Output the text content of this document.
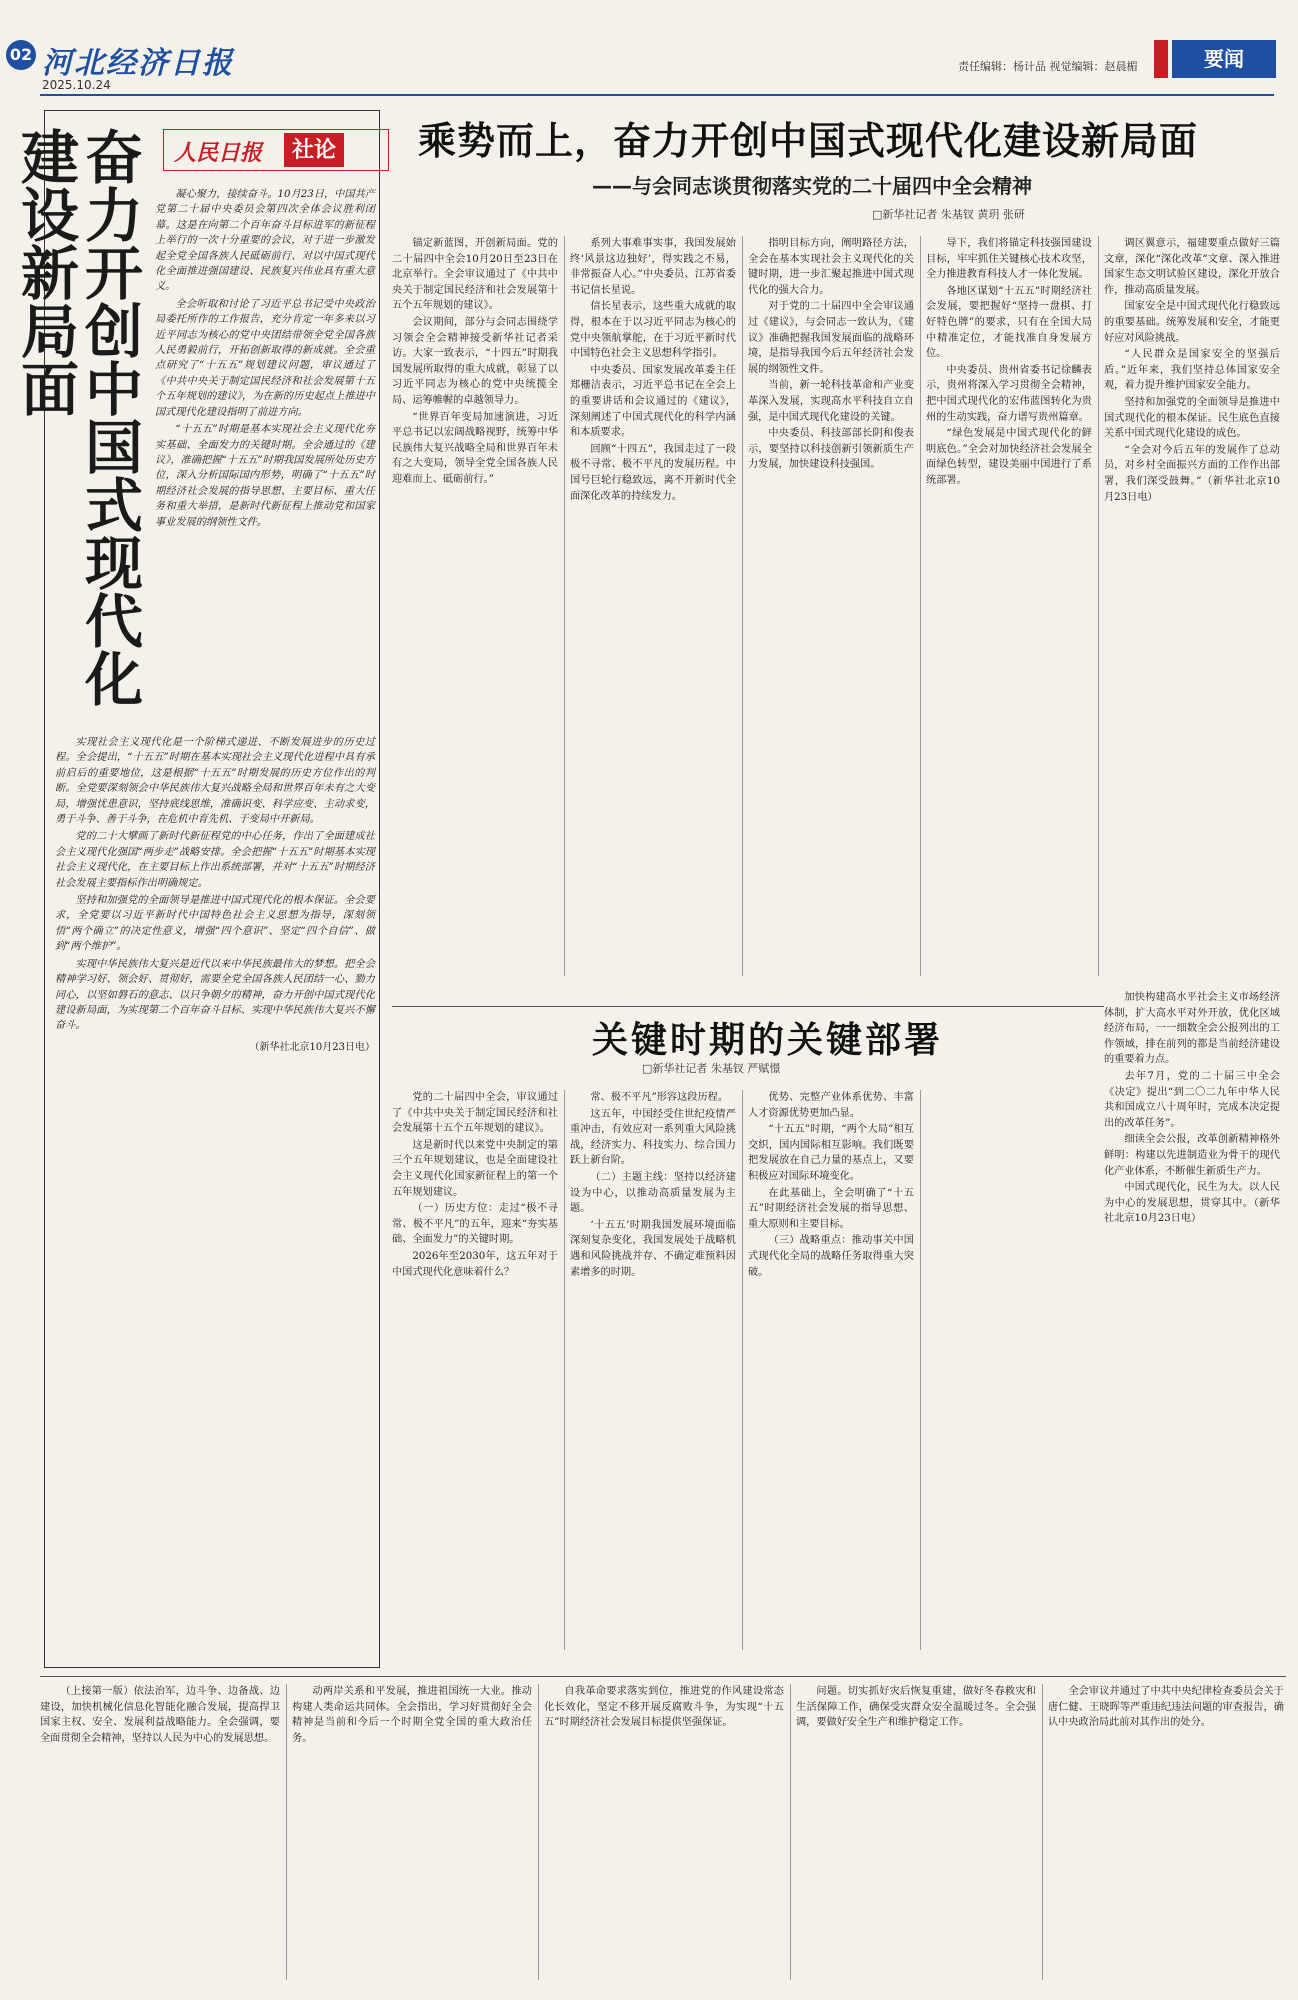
02 河北经济日报
2025.10.24
责任编辑：杨计品 视觉编辑：赵晨楣	要闻
人民日报	社论
奋力开创中国式现代化建设新局面	凝心聚力，接续奋斗。10月23日，中国共产党第二十届中央委员会第四次全体会议胜利闭幕。这是在向第二个百年奋斗目标进军的新征程上举行的一次十分重要的会议，对于进一步激发起全党全国各族人民砥砺前行、对以中国式现代化全面推进强国建设、民族复兴伟业具有重大意义。

全会听取和讨论了习近平总书记受中央政治局委托所作的工作报告，充分肯定一年多来以习近平同志为核心的党中央团结带领全党全国各族人民勇毅前行，开拓创新取得的新成就。全会重点研究了“十五五”规划建议问题，审议通过了《中共中央关于制定国民经济和社会发展第十五个五年规划的建议》，为在新的历史起点上推进中国式现代化建设指明了前进方向。

“十五五”时期是基本实现社会主义现代化夯实基础、全面发力的关键时期。全会通过的《建议》，准确把握“十五五”时期我国发展所处历史方位，深入分析国际国内形势，明确了“十五五”时期经济社会发展的指导思想、主要目标、重大任务和重大举措，是新时代新征程上推动党和国家事业发展的纲领性文件。

实现社会主义现代化是一个阶梯式递进、不断发展进步的历史过程。全会提出，“十五五”时期在基本实现社会主义现代化进程中具有承前启后的重要地位，这是根据“十五五”时期发展的历史方位作出的判断。全党要深刻领会中华民族伟大复兴战略全局和世界百年未有之大变局，增强忧患意识，坚持底线思维，准确识变、科学应变、主动求变，勇于斗争、善于斗争，在危机中育先机、于变局中开新局。

党的二十大擘画了新时代新征程党的中心任务，作出了全面建成社会主义现代化强国“两步走”战略安排。全会把握“十五五”时期基本实现社会主义现代化，在主要目标上作出系统部署，并对“十五五”时期经济社会发展主要指标作出明确规定。

坚持和加强党的全面领导是推进中国式现代化的根本保证。全会要求，全党要以习近平新时代中国特色社会主义思想为指导，深刻领悟“两个确立”的决定性意义，增强“四个意识”、坚定“四个自信”、做到“两个维护”。

实现中华民族伟大复兴是近代以来中华民族最伟大的梦想。把全会精神学习好、领会好、贯彻好，需要全党全国各族人民团结一心、勠力同心，以坚如磐石的意志、以只争朝夕的精神，奋力开创中国式现代化建设新局面，为实现第二个百年奋斗目标、实现中华民族伟大复兴不懈奋斗。

（新华社北京10月23日电）

乘势而上，奋力开创中国式现代化建设新局面
——与会同志谈贯彻落实党的二十届四中全会精神
□新华社记者 朱基钗 黄玥 张研

锚定新蓝图，开创新局面。党的二十届四中全会10月20日至23日在北京举行。全会审议通过了《中共中央关于制定国民经济和社会发展第十五个五年规划的建议》。

会议期间，部分与会同志围绕学习领会全会精神接受新华社记者采访。大家一致表示，“十四五”时期我国发展所取得的重大成就，彰显了以习近平同志为核心的党中央统揽全局、运筹帷幄的卓越领导力。

“世界百年变局加速演进，习近平总书记以宏阔战略视野，统筹中华民族伟大复兴战略全局和世界百年未有之大变局，领导全党全国各族人民迎难而上、砥砺前行。”

系列大事难事实事，我国发展始终‘风景这边独好’，得实践之不易，非常振奋人心。”中央委员、江苏省委书记信长星说。

信长星表示，这些重大成就的取得，根本在于以习近平同志为核心的党中央领航掌舵，在于习近平新时代中国特色社会主义思想科学指引。

中央委员、国家发展改革委主任郑栅洁表示，习近平总书记在全会上的重要讲话和会议通过的《建议》，深刻阐述了中国式现代化的科学内涵和本质要求。

回顾“十四五”，我国走过了一段极不寻常、极不平凡的发展历程。中国号巨轮行稳致远，离不开新时代全面深化改革的持续发力。

指明目标方向，阐明路径方法，全会在基本实现社会主义现代化的关键时期，进一步汇聚起推进中国式现代化的强大合力。

对于党的二十届四中全会审议通过《建议》，与会同志一致认为，《建议》准确把握我国发展面临的战略环境，是指导我国今后五年经济社会发展的纲领性文件。

当前，新一轮科技革命和产业变革深入发展，实现高水平科技自立自强，是中国式现代化建设的关键。

中央委员、科技部部长阴和俊表示，要坚持以科技创新引领新质生产力发展，加快建设科技强国。

导下，我们将锚定科技强国建设目标，牢牢抓住关键核心技术攻坚，全力推进教育科技人才一体化发展。

各地区谋划“十五五”时期经济社会发展，要把握好“坚持一盘棋、打好特色牌”的要求，只有在全国大局中精准定位，才能找准自身发展方位。

中央委员、贵州省委书记徐麟表示，贵州将深入学习贯彻全会精神，把中国式现代化的宏伟蓝图转化为贵州的生动实践，奋力谱写贵州篇章。

“绿色发展是中国式现代化的鲜明底色。”全会对加快经济社会发展全面绿色转型，建设美丽中国进行了系统部署。

调区翼意示，福建要重点做好三篇文章，深化“深化改革”文章、深入推进国家生态文明试验区建设，深化开放合作，推动高质量发展。

国家安全是中国式现代化行稳致远的重要基础。统筹发展和安全，才能更好应对风险挑战。

“人民群众是国家安全的坚强后盾。”近年来，我们坚持总体国家安全观，着力提升维护国家安全能力。

坚持和加强党的全面领导是推进中国式现代化的根本保证。民生底色直接关系中国式现代化建设的成色。

“全会对今后五年的发展作了总动员，对乡村全面振兴方面的工作作出部署，我们深受鼓舞。”（新华社北京10月23日电）

关键时期的关键部署
□新华社记者 朱基钗 严赋憬

党的二十届四中全会，审议通过了《中共中央关于制定国民经济和社会发展第十五个五年规划的建议》。

这是新时代以来党中央制定的第三个五年规划建议，也是全面建设社会主义现代化国家新征程上的第一个五年规划建议。

（一）历史方位：走过“极不寻常、极不平凡”的五年，迎来“夯实基础、全面发力”的关键时期。

2026年至2030年，这五年对于中国式现代化意味着什么？

常、极不平凡”形容这段历程。

这五年，中国经受住世纪疫情严重冲击，有效应对一系列重大风险挑战，经济实力、科技实力、综合国力跃上新台阶。

（二）主题主线：坚持以经济建设为中心，以推动高质量发展为主题。

‘十五五’时期我国发展环境面临深刻复杂变化，我国发展处于战略机遇和风险挑战并存、不确定难预料因素增多的时期。

优势、完整产业体系优势、丰富人才资源优势更加凸显。

“十五五”时期，“两个大局”相互交织，国内国际相互影响。我们既要把发展放在自己力量的基点上，又要积极应对国际环境变化。

在此基础上，全会明确了“十五五”时期经济社会发展的指导思想、重大原则和主要目标。

（三）战略重点：推动事关中国式现代化全局的战略任务取得重大突破。

加快构建高水平社会主义市场经济体制，扩大高水平对外开放，优化区域经济布局，一一细数全会公报列出的工作领域，排在前列的都是当前经济建设的重要着力点。

去年7月，党的二十届三中全会《决定》提出“到二〇二九年中华人民共和国成立八十周年时，完成本决定提出的改革任务”。

细读全会公报，改革创新精神格外鲜明：构建以先进制造业为骨干的现代化产业体系，不断催生新质生产力。

中国式现代化，民生为大。以人民为中心的发展思想，贯穿其中。（新华社北京10月23日电）

（上接第一版）依法治军，边斗争、边备战、边建设，加快机械化信息化智能化融合发展，提高捍卫国家主权、安全、发展利益战略能力。全会强调，要全面贯彻全会精神，坚持以人民为中心的发展思想。

动两岸关系和平发展，推进祖国统一大业。推动构建人类命运共同体。全会指出，学习好贯彻好全会精神是当前和今后一个时期全党全国的重大政治任务。

自我革命要求落实到位，推进党的作风建设常态化长效化，坚定不移开展反腐败斗争，为实现“十五五”时期经济社会发展目标提供坚强保证。

问题。切实抓好灾后恢复重建，做好冬春救灾和生活保障工作，确保受灾群众安全温暖过冬。全会强调，要做好安全生产和维护稳定工作。

全会审议并通过了中共中央纪律检查委员会关于唐仁健、王晓晖等严重违纪违法问题的审查报告，确认中央政治局此前对其作出的处分。
